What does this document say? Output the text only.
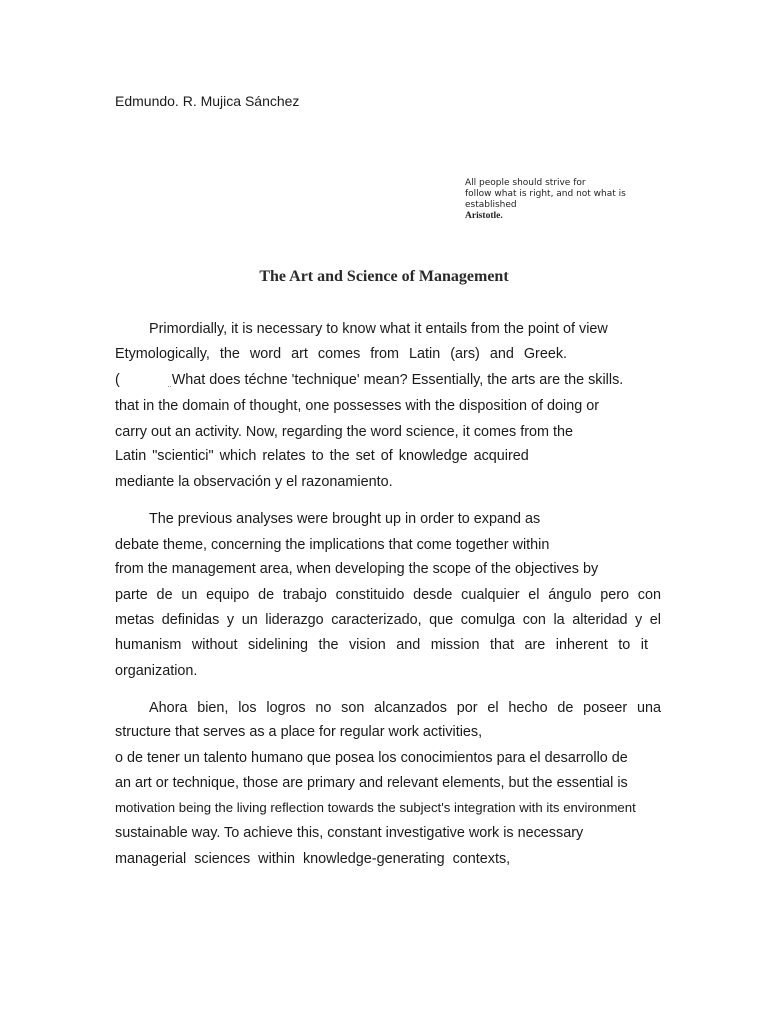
Edmundo. R. Mujica Sánchez
All people should strive for
follow what is right, and not what is
established
Aristotle.
The Art and Science of Management
Primordially, it is necessary to know what it entails from the point of view
Etymologically, the word art comes from Latin (ars) and Greek.
(	$_{..}$What does téchne 'technique' mean? Essentially, the arts are the skills.
that in the domain of thought, one possesses with the disposition of doing or
carry out an activity. Now, regarding the word science, it comes from the
Latin "scientici" which relates to the set of knowledge acquired
mediante la observación y el razonamiento.
The previous analyses were brought up in order to expand as
debate theme, concerning the implications that come together within
from the management area, when developing the scope of the objectives by
parte de un equipo de trabajo constituido desde cualquier el ángulo pero con
metas definidas y un liderazgo caracterizado, que comulga con la alteridad y el
humanism without sidelining the vision and mission that are inherent to it
organization.
Ahora bien, los logros no son alcanzados por el hecho de poseer una
structure that serves as a place for regular work activities,
o de tener un talento humano que posea los conocimientos para el desarrollo de
an art or technique, those are primary and relevant elements, but the essential is
motivation being the living reflection towards the subject's integration with its environment
sustainable way. To achieve this, constant investigative work is necessary
managerial sciences within knowledge-generating contexts,
